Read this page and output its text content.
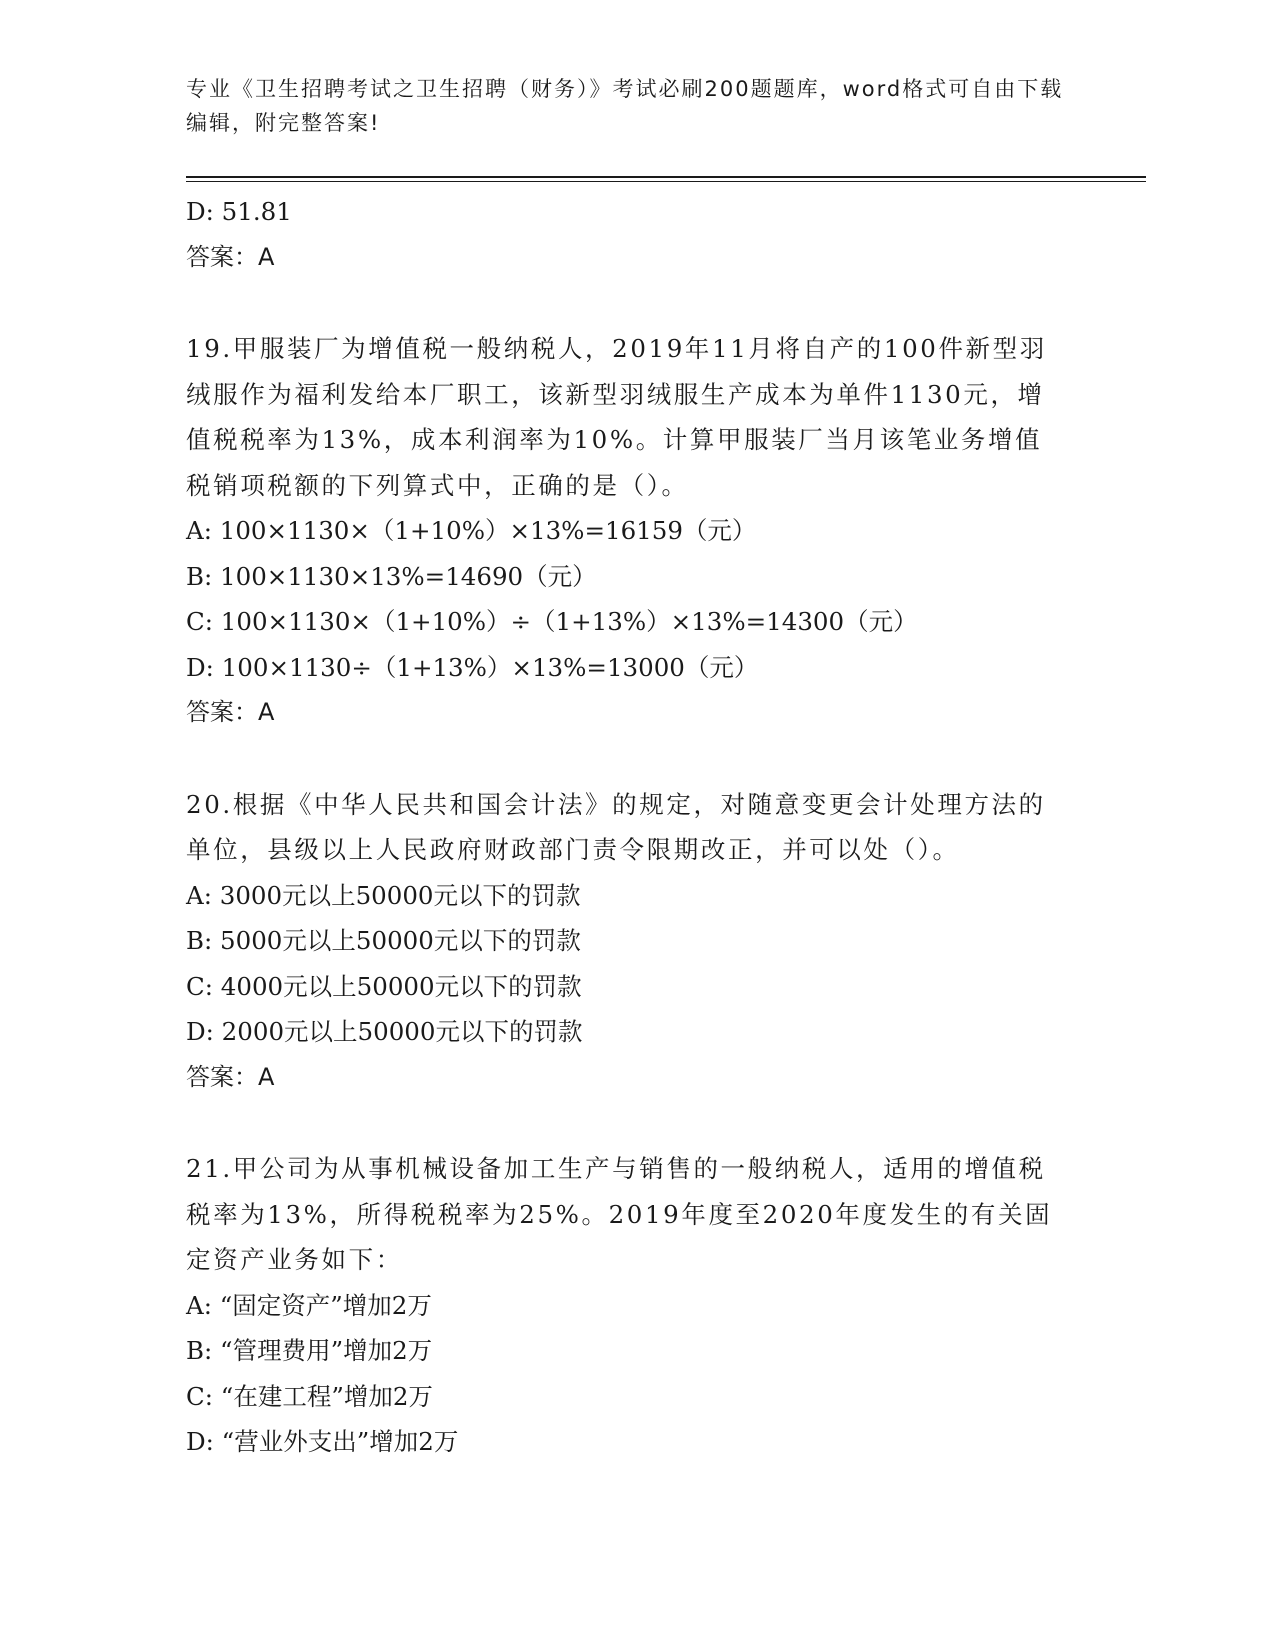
专业《卫生招聘考试之卫生招聘（财务）》考试必刷200题题库，word格式可自由下载编辑，附完整答案!
D: 51.81
答案：A
19.甲服装厂为增值税一般纳税人，2019年11月将自产的100件新型羽绒服作为福利发给本厂职工，该新型羽绒服生产成本为单件1130元，增值税税率为13%，成本利润率为10%。计算甲服装厂当月该笔业务增值税销项税额的下列算式中，正确的是（）。
A: 100×1130×（1+10%）×13%=16159（元）
B: 100×1130×13%=14690（元）
C: 100×1130×（1+10%）÷（1+13%）×13%=14300（元）
D: 100×1130÷（1+13%）×13%=13000（元）
答案：A
20.根据《中华人民共和国会计法》的规定，对随意变更会计处理方法的单位，县级以上人民政府财政部门责令限期改正，并可以处（）。
A: 3000元以上50000元以下的罚款
B: 5000元以上50000元以下的罚款
C: 4000元以上50000元以下的罚款
D: 2000元以上50000元以下的罚款
答案：A
21.甲公司为从事机械设备加工生产与销售的一般纳税人，适用的增值税税率为13%，所得税税率为25%。2019年度至2020年度发生的有关固定资产业务如下：
A: “固定资产”增加2万
B: “管理费用”增加2万
C: “在建工程”增加2万
D: “营业外支出”增加2万
